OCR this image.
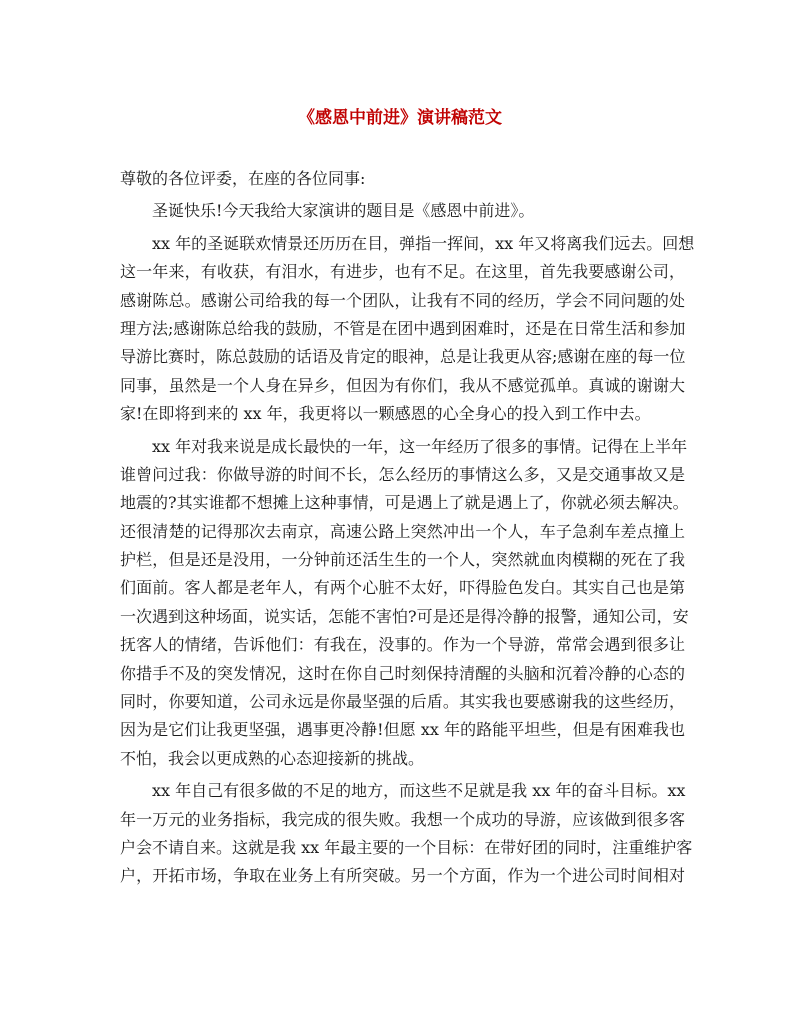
《感恩中前进》演讲稿范文
尊敬的各位评委，在座的各位同事:
圣诞快乐!今天我给大家演讲的题目是《感恩中前进》。
xx 年的圣诞联欢情景还历历在目，弹指一挥间，xx 年又将离我们远去。回想
这一年来，有收获，有泪水，有进步，也有不足。在这里，首先我要感谢公司，
感谢陈总。感谢公司给我的每一个团队，让我有不同的经历，学会不同问题的处
理方法;感谢陈总给我的鼓励，不管是在团中遇到困难时，还是在日常生活和参加
导游比赛时，陈总鼓励的话语及肯定的眼神，总是让我更从容;感谢在座的每一位
同事，虽然是一个人身在异乡，但因为有你们，我从不感觉孤单。真诚的谢谢大
家!在即将到来的 xx 年，我更将以一颗感恩的心全身心的投入到工作中去。
xx 年对我来说是成长最快的一年，这一年经历了很多的事情。记得在上半年
谁曾问过我：你做导游的时间不长，怎么经历的事情这么多，又是交通事故又是
地震的?其实谁都不想摊上这种事情，可是遇上了就是遇上了，你就必须去解决。
还很清楚的记得那次去南京，高速公路上突然冲出一个人，车子急刹车差点撞上
护栏，但是还是没用，一分钟前还活生生的一个人，突然就血肉模糊的死在了我
们面前。客人都是老年人，有两个心脏不太好，吓得脸色发白。其实自己也是第
一次遇到这种场面，说实话，怎能不害怕?可是还是得冷静的报警，通知公司，安
抚客人的情绪，告诉他们：有我在，没事的。作为一个导游，常常会遇到很多让
你措手不及的突发情况，这时在你自己时刻保持清醒的头脑和沉着冷静的心态的
同时，你要知道，公司永远是你最坚强的后盾。其实我也要感谢我的这些经历，
因为是它们让我更坚强，遇事更冷静!但愿 xx 年的路能平坦些，但是有困难我也
不怕，我会以更成熟的心态迎接新的挑战。
xx 年自己有很多做的不足的地方，而这些不足就是我 xx 年的奋斗目标。xx
年一万元的业务指标，我完成的很失败。我想一个成功的导游，应该做到很多客
户会不请自来。这就是我 xx 年最主要的一个目标：在带好团的同时，注重维护客
户，开拓市场，争取在业务上有所突破。另一个方面，作为一个进公司时间相对
